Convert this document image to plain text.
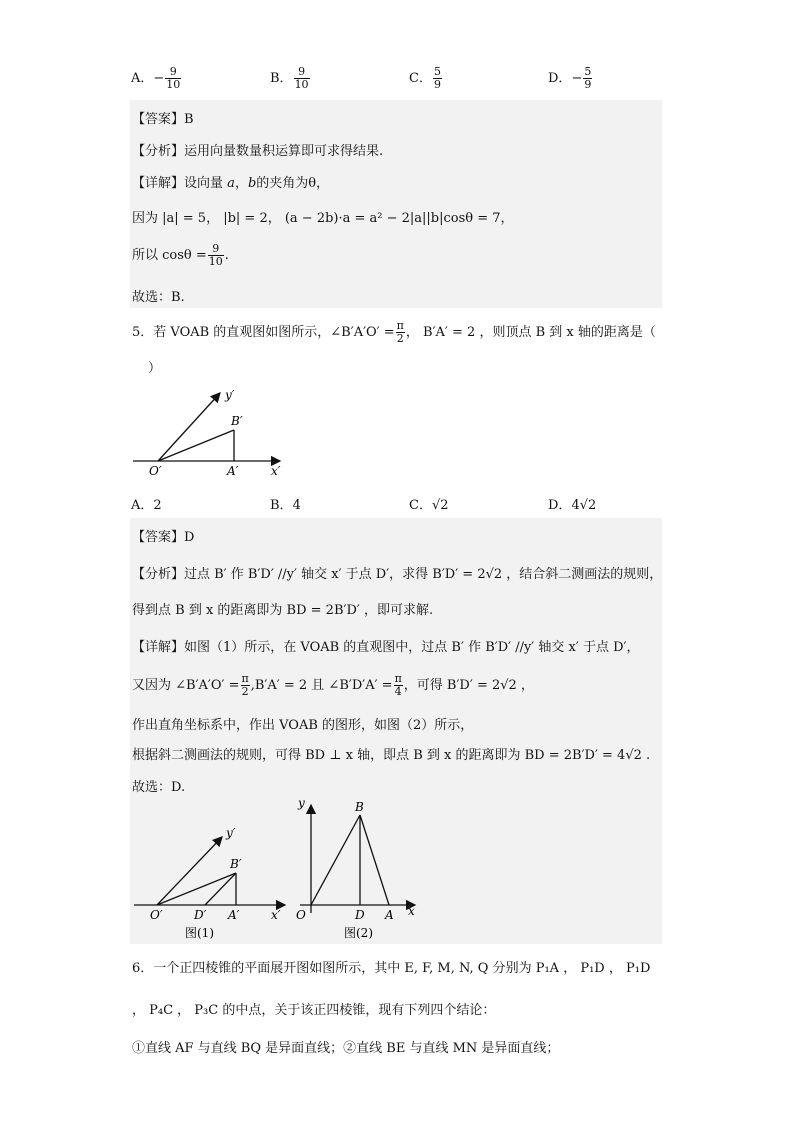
A．− $\frac{9}{10}$	B． $\frac{9}{10}$	C． $\frac{5}{9}$	D．− $\frac{5}{9}$
【答案】B
【分析】运用向量数量积运算即可求得结果.
【详解】设向量 a，b的夹角为θ，
因为 |a| = 5， |b| = 2， (a − 2b)·a = a² − 2|a||b|cosθ = 7，
所以 $\cos\theta = \frac{9}{10}$ .
故选：B.
5．若 VOAB 的直观图如图所示，∠B′A′O′ = $\frac{\pi}{2}$ ， B′A′ = 2 ，则顶点 B 到 x 轴的距离是（
）
y′
B′
O′	A′	x′
A．2	B．4	C．√2	D．4√2
【答案】D
【分析】过点 B′ 作 B′D′ //y′ 轴交 x′ 于点 D′，求得 B′D′ = 2√2 ，结合斜二测画法的规则，
得到点 B 到 x 的距离即为 BD = 2B′D′ ，即可求解.
【详解】如图（1）所示，在 VOAB 的直观图中，过点 B′ 作 B′D′ //y′ 轴交 x′ 于点 D′，
又因为 ∠B′A′O′ = $\frac{\pi}{2} ,B'A' = 2$ 且 ∠B′D′A′ = $\frac{\pi}{4}$ ，可得 B′D′ = 2√2 ，
作出直角坐标系中，作出 VOAB 的图形，如图（2）所示，
根据斜二测画法的规则，可得 BD ⊥ x 轴，即点 B 到 x 的距离即为 BD = 2B′D′ = 4√2 .
故选：D.
y′
B′
O′	D′ A′	x′
图(1)
y	B
O	D A x
图(2)
6．一个正四棱锥的平面展开图如图所示，其中 E, F, M, N, Q 分别为 P₁A ， P₁D ， P₁D
， P₄C ， P₃C 的中点，关于该正四棱锥，现有下列四个结论：
①直线 AF 与直线 BQ 是异面直线；②直线 BE 与直线 MN 是异面直线；
